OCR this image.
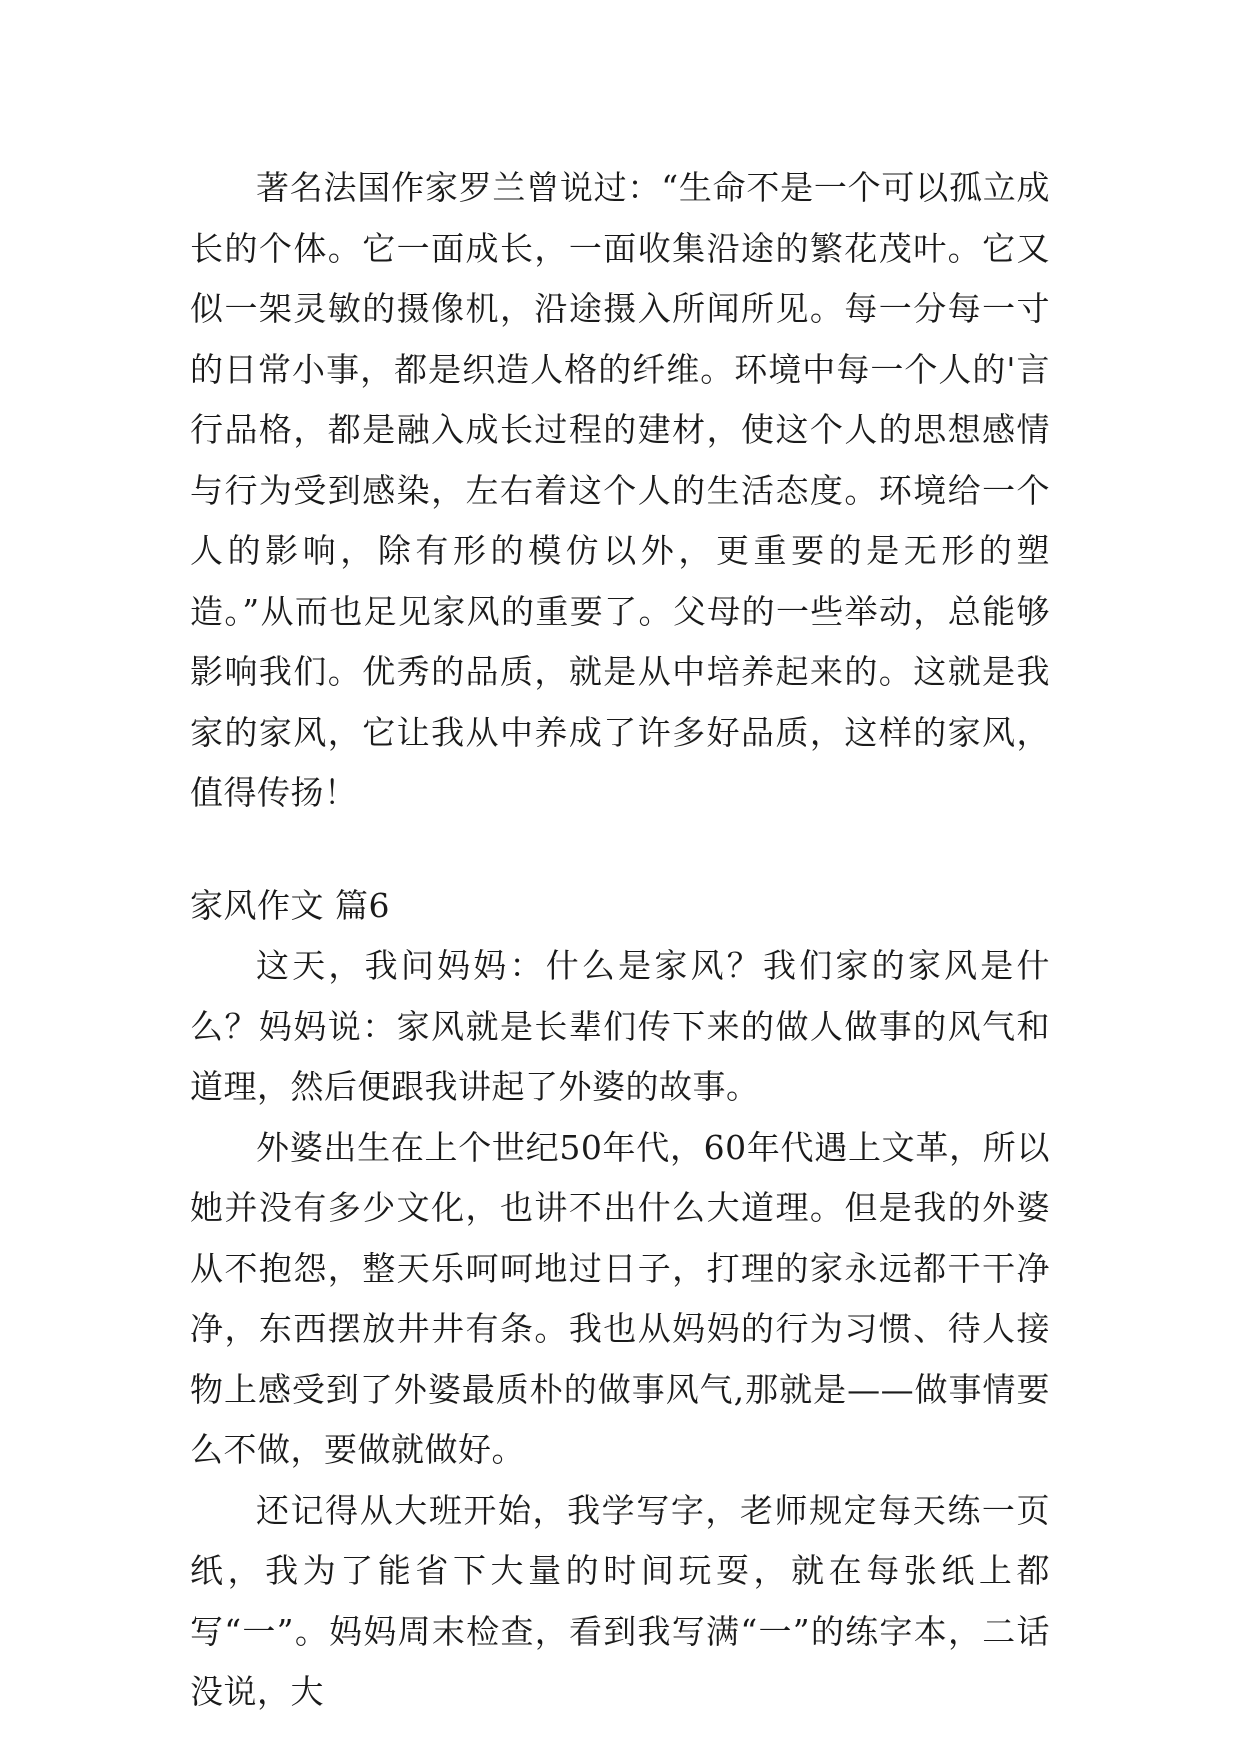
著名法国作家罗兰曾说过：“生命不是一个可以孤立成长的个体。它一面成长，一面收集沿途的繁花茂叶。它又似一架灵敏的摄像机，沿途摄入所闻所见。每一分每一寸的日常小事，都是织造人格的纤维。环境中每一个人的'言行品格，都是融入成长过程的建材，使这个人的思想感情与行为受到感染，左右着这个人的生活态度。环境给一个人的影响，除有形的模仿以外，更重要的是无形的塑造。”从而也足见家风的重要了。父母的一些举动，总能够影响我们。优秀的品质，就是从中培养起来的。这就是我家的家风，它让我从中养成了许多好品质，这样的家风，值得传扬！

家风作文 篇6

这天，我问妈妈：什么是家风？我们家的家风是什么？妈妈说：家风就是长辈们传下来的做人做事的风气和道理，然后便跟我讲起了外婆的故事。

外婆出生在上个世纪50年代，60年代遇上文革，所以她并没有多少文化，也讲不出什么大道理。但是我的外婆从不抱怨，整天乐呵呵地过日子，打理的家永远都干干净净，东西摆放井井有条。我也从妈妈的行为习惯、待人接物上感受到了外婆最质朴的做事风气,那就是——做事情要么不做，要做就做好。

还记得从大班开始，我学写字，老师规定每天练一页纸，我为了能省下大量的时间玩耍，就在每张纸上都写“一”。妈妈周末检查，看到我写满“一”的练字本，二话没说，大
